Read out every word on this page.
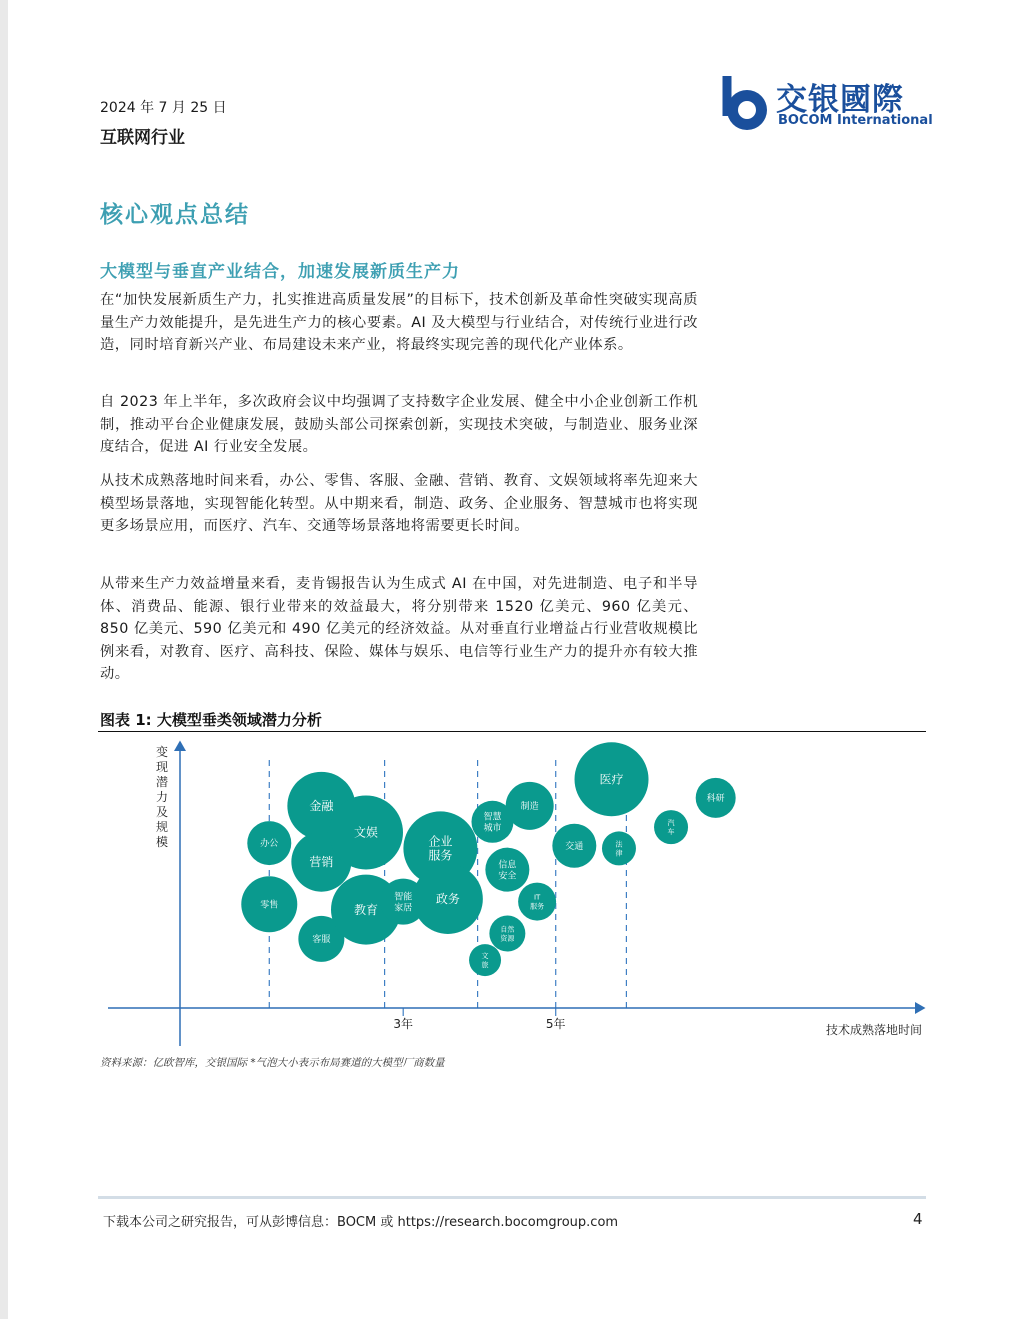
2024 年 7 月 25 日
互联网行业
交银國際
BOCOM International
核心观点总结
大模型与垂直产业结合，加速发展新质生产力

在“加快发展新质生产力，扎实推进高质量发展”的目标下，技术创新及革命性突破实现高质量生产力效能提升，是先进生产力的核心要素。AI 及大模型与行业结合，对传统行业进行改造，同时培育新兴产业、布局建设未来产业，将最终实现完善的现代化产业体系。

自 2023 年上半年，多次政府会议中均强调了支持数字企业发展、健全中小企业创新工作机制，推动平台企业健康发展，鼓励头部公司探索创新，实现技术突破，与制造业、服务业深度结合，促进 AI 行业安全发展。

从技术成熟落地时间来看，办公、零售、客服、金融、营销、教育、文娱领域将率先迎来大模型场景落地，实现智能化转型。从中期来看，制造、政务、企业服务、智慧城市也将实现更多场景应用，而医疗、汽车、交通等场景落地将需要更长时间。

从带来生产力效益增量来看，麦肯锡报告认为生成式 AI 在中国，对先进制造、电子和半导体、消费品、能源、银行业带来的效益最大，将分别带来 1520 亿美元、960 亿美元、850 亿美元、590 亿美元和 490 亿美元的经济效益。从对垂直行业增益占行业营收规模比例来看，对教育、医疗、高科技、保险、媒体与娱乐、电信等行业生产力的提升亦有较大推动。

图表 1: 大模型垂类领域潜力分析
3年	5年	技术成熟落地时间
变现潜力及规模	办公
零售
金融
营销
客服
文娱
教育
智能家居
企业服务
政务
智慧城市
文旅
信息安全
自然资源
制造
IT 服务
交通
医疗
法律
汽车
科研
资料来源：亿欧智库，交银国际 *气泡大小表示布局赛道的大模型厂商数量
下载本公司之研究报告，可从彭博信息：BOCM 或 https://research.bocomgroup.com	4
